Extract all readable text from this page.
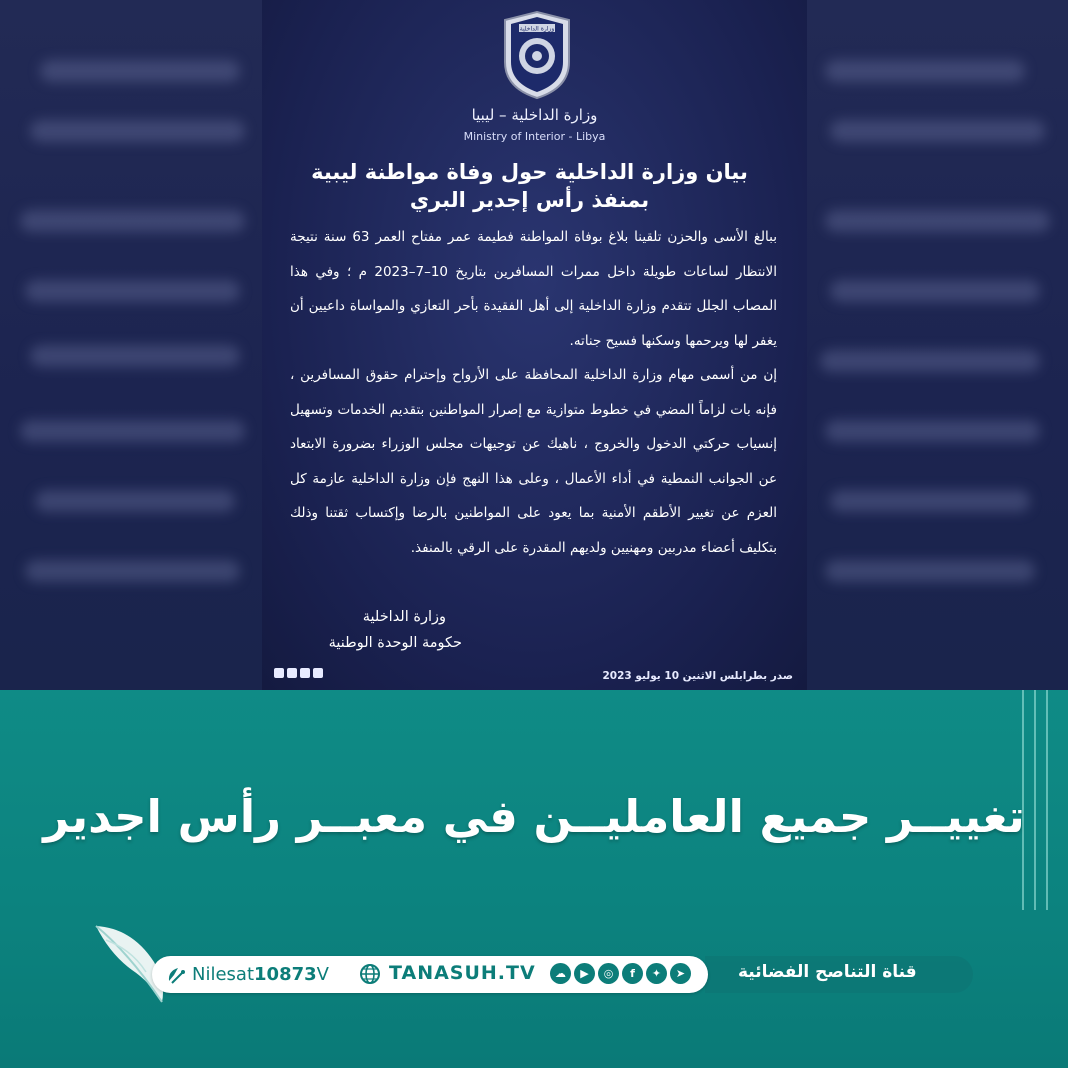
وزارة الداخلية
وزارة الداخلية – ليبيا
Ministry of Interior - Libya
بيان وزارة الداخلية حول وفاة مواطنة ليبية بمنفذ رأس إجدير البري

ببالغ الأسى والحزن تلقينا بلاغ بوفاة المواطنة فطيمة عمر مفتاح العمر 63 سنة نتيجة الانتظار لساعات طويلة داخل ممرات المسافرين بتاريخ 10–7–2023 م ؛ وفي هذا المصاب الجلل تتقدم وزارة الداخلية إلى أهل الفقيدة بأحر التعازي والمواساة داعيين أن يغفر لها ويرحمها وسكنها فسيح جناته.

إن من أسمى مهام وزارة الداخلية المحافظة على الأرواح وإحترام حقوق المسافرين ، فإنه بات لزاماً المضي في خطوط متوازية مع إصرار المواطنين بتقديم الخدمات وتسهيل إنسياب حركتي الدخول والخروج ، ناهيك عن توجيهات مجلس الوزراء بضرورة الابتعاد عن الجوانب النمطية في أداء الأعمال ، وعلى هذا النهج فإن وزارة الداخلية عازمة كل العزم عن تغيير الأطقم الأمنية بما يعود على المواطنين بالرضا وإكتساب ثقتنا وذلك بتكليف أعضاء مدربين ومهنيين ولديهم المقدرة على الرقي بالمنفذ.

وزارة الداخلية
حكومة الوحدة الوطنية
صدر بطرابلس الاثنين 10 يوليو 2023
تغييــر جميع العامليــن في معبــر رأس اجدير
قناة التناصح الفضائية
Nilesat 10873 V	TANASUH.TV	☁	▶	◎	f	✦	➤
